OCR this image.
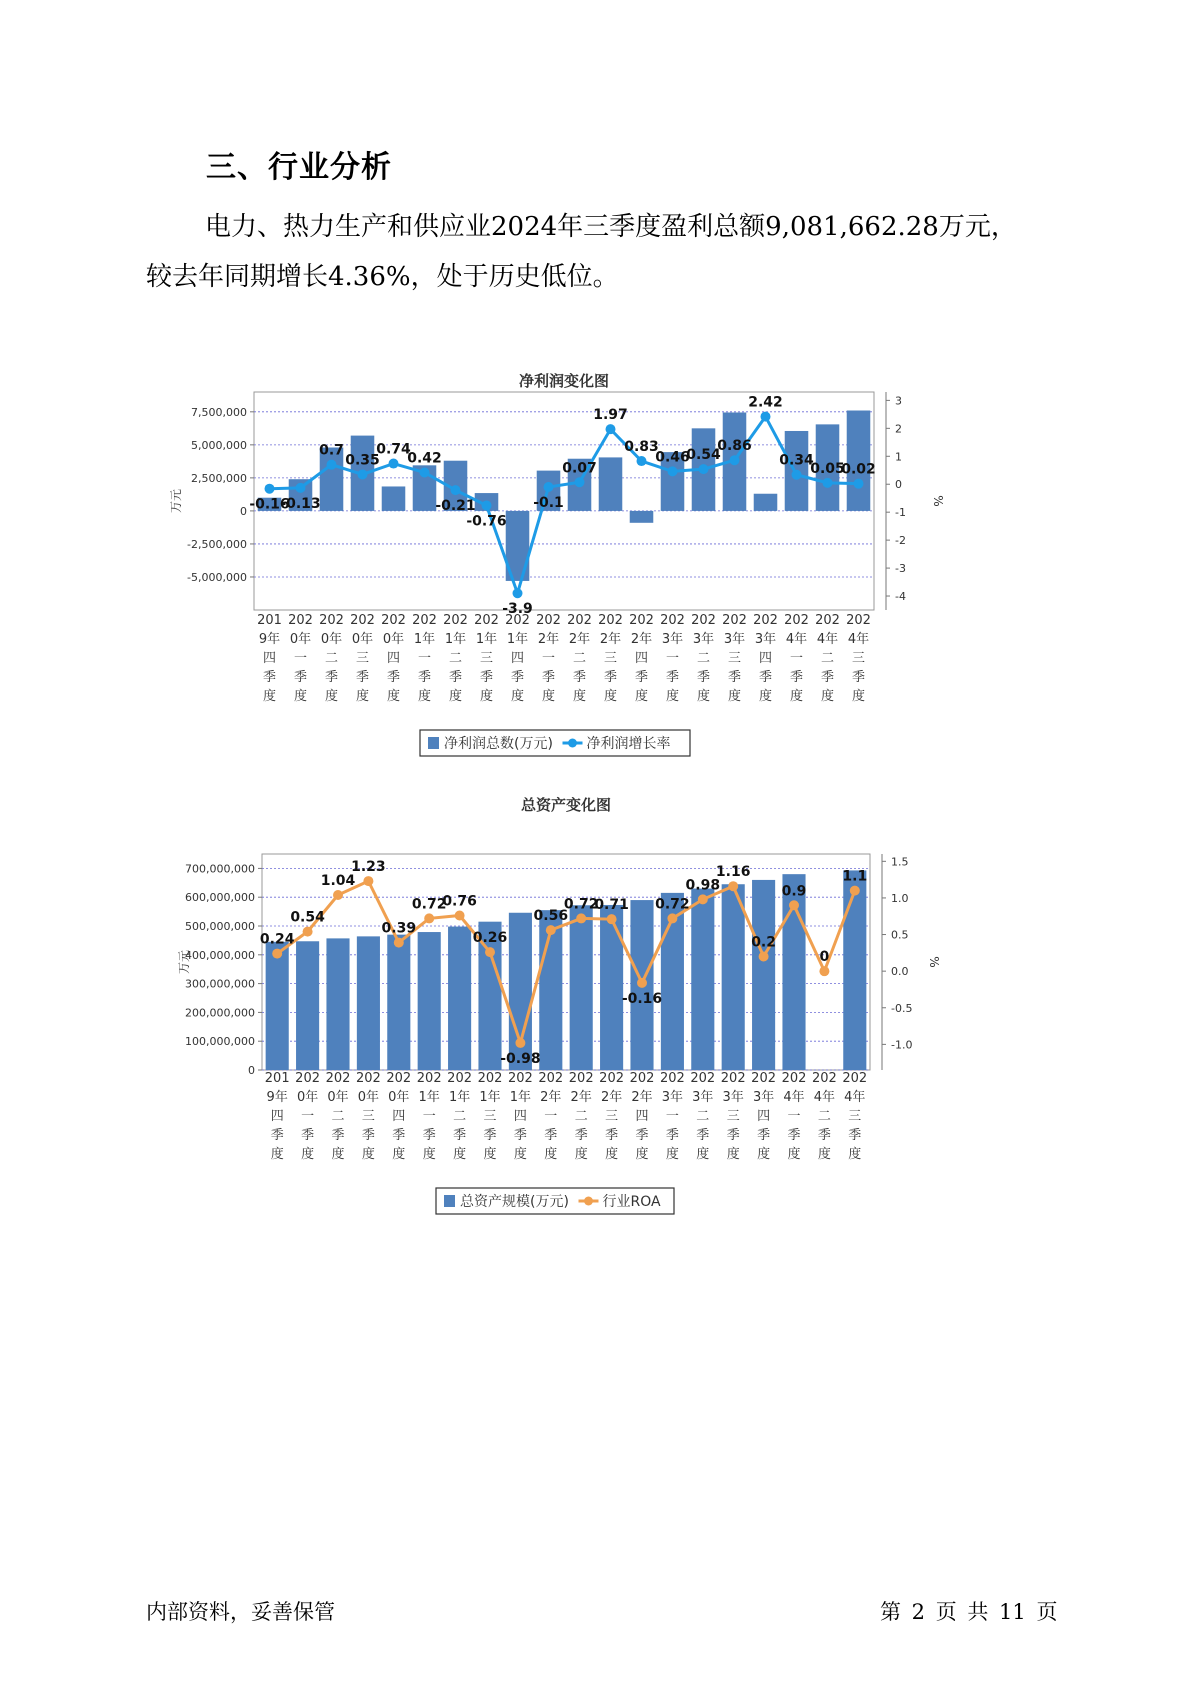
三、行业分析
电力、热力生产和供应业2024年三季度盈利总额9,081,662.28万元，
较去年同期增长4.36%，处于历史低位。
净利润变化图
-5,000,000
-2,500,000
0
2,500,000
5,000,000
7,500,000
-4
-3
-2
-1
0
1
2
3
万元	%
-0.16
-0.13
0.7
0.35
0.74
0.42
-0.21
-0.76
-3.9
-0.1
0.07
1.97
0.83
0.46
0.54
0.86
2.42
0.34
0.05
0.02
201
9年
四
季
度
202
0年
一
季
度
202
0年
二
季
度
202
0年
三
季
度
202
0年
四
季
度
202
1年
一
季
度
202
1年
二
季
度
202
1年
三
季
度
202
1年
四
季
度
202
2年
一
季
度
202
2年
二
季
度
202
2年
三
季
度
202
2年
四
季
度
202
3年
一
季
度
202
3年
二
季
度
202
3年
三
季
度
202
3年
四
季
度
202
4年
一
季
度
202
4年
二
季
度
202
4年
三
季
度
净利润总数(万元) 净利润增长率
总资产变化图
0
100,000,000
200,000,000
300,000,000
400,000,000
500,000,000
600,000,000
700,000,000
-1.0
-0.5
0.0
0.5
1.0
1.5
万元	%
0.24
0.54
1.04
1.23
0.39
0.72
0.76
0.26
-0.98
0.56
0.72
0.71
-0.16
0.72
0.98
1.16
0.2
0.9
0
1.1
201
9年
四
季
度
202
0年
一
季
度
202
0年
二
季
度
202
0年
三
季
度
202
0年
四
季
度
202
1年
一
季
度
202
1年
二
季
度
202
1年
三
季
度
202
1年
四
季
度
202
2年
一
季
度
202
2年
二
季
度
202
2年
三
季
度
202
2年
四
季
度
202
3年
一
季
度
202
3年
二
季
度
202
3年
三
季
度
202
3年
四
季
度
202
4年
一
季
度
202
4年
二
季
度
202
4年
三
季
度
总资产规模(万元) 行业ROA
内部资料，妥善保管	第 2 页 共 11 页
